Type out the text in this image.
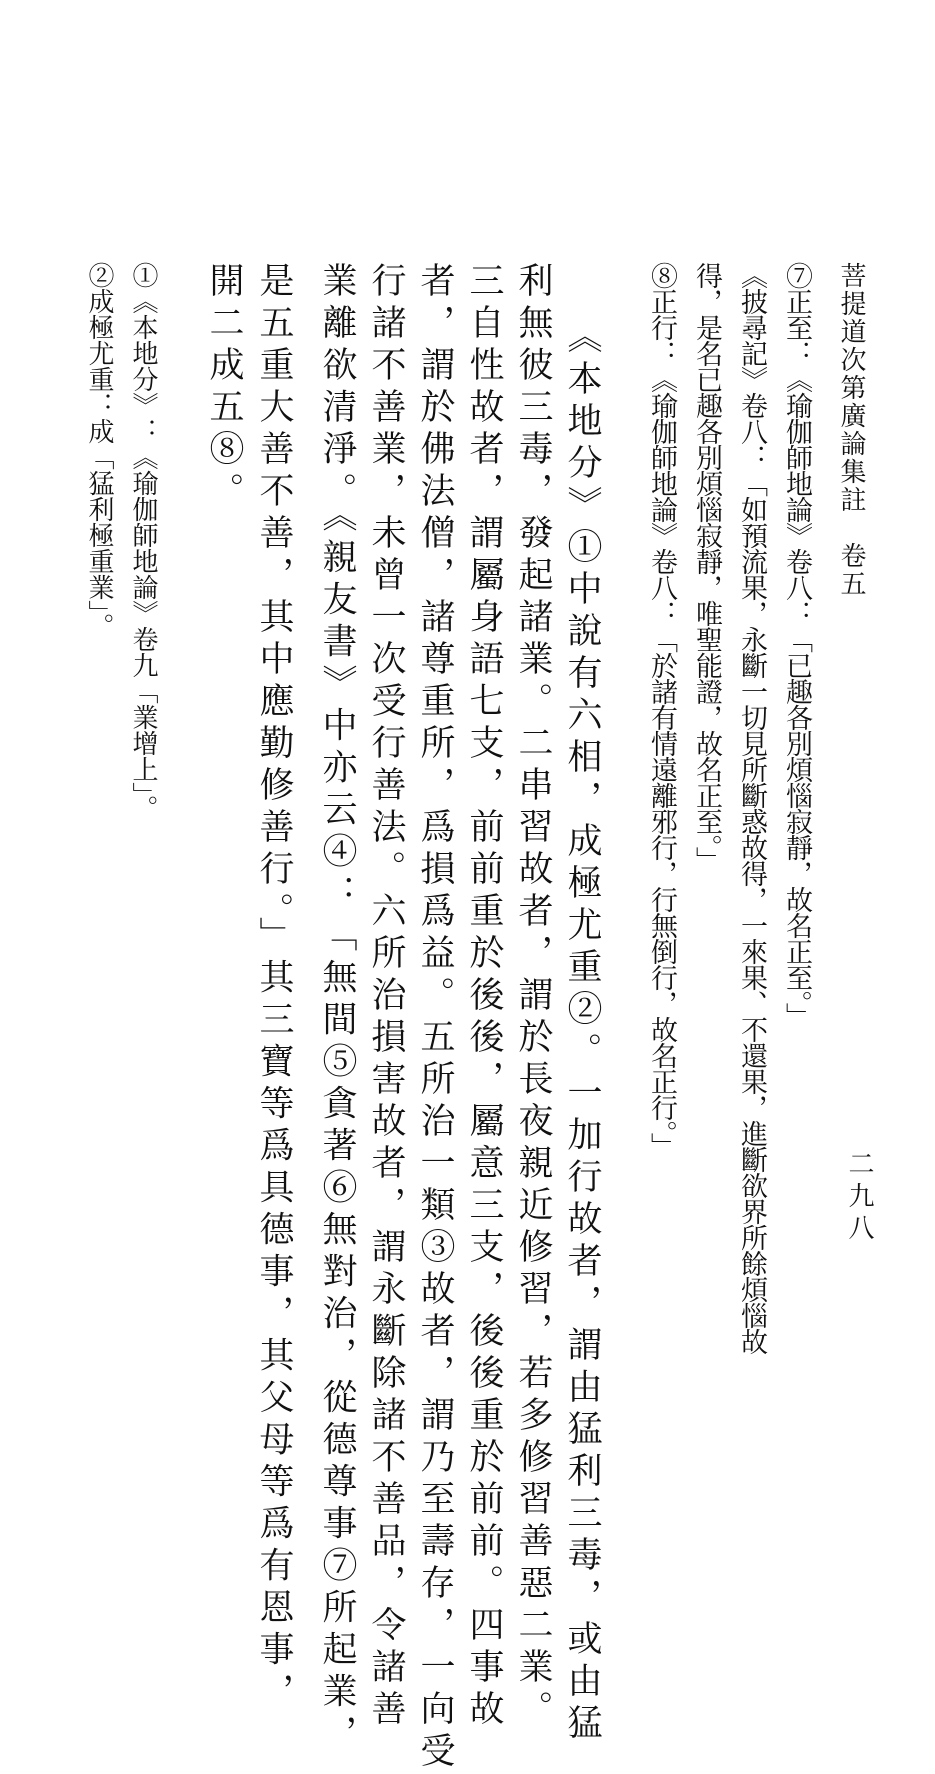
菩提道次第廣論集註　卷五
二九八
⑦正至：《瑜伽師地論》卷八：「已趣各別煩惱寂靜，故名正至。」
《披尋記》卷八：「如預流果，永斷一切見所斷惑故得，一來果、不還果，進斷欲界所餘煩惱故
得，是名已趣各別煩惱寂靜，唯聖能證，故名正至。」
⑧正行：《瑜伽師地論》卷八：「於諸有情遠離邪行，行無倒行，故名正行。」
《本地分》①中說有六相，成極尤重②。一加行故者，謂由猛利三毒，或由猛
利無彼三毒，發起諸業。二串習故者，謂於長夜親近修習，若多修習善惡二業。
三自性故者，謂屬身語七支，前前重於後後，屬意三支，後後重於前前。四事故
者，謂於佛法僧，諸尊重所，爲損爲益。五所治一類③故者，謂乃至壽存，一向受
行諸不善業，未曾一次受行善法。六所治損害故者，謂永斷除諸不善品，令諸善
業離欲清淨。《親友書》中亦云④：「無間⑤貪著⑥無對治，從德尊事⑦所起業，
是五重大善不善，其中應勤修善行。」其三寶等爲具德事，其父母等爲有恩事，
開二成五⑧。
①《本地分》：《瑜伽師地論》卷九「業增上」。
②成極尤重：成「猛利極重業」。
